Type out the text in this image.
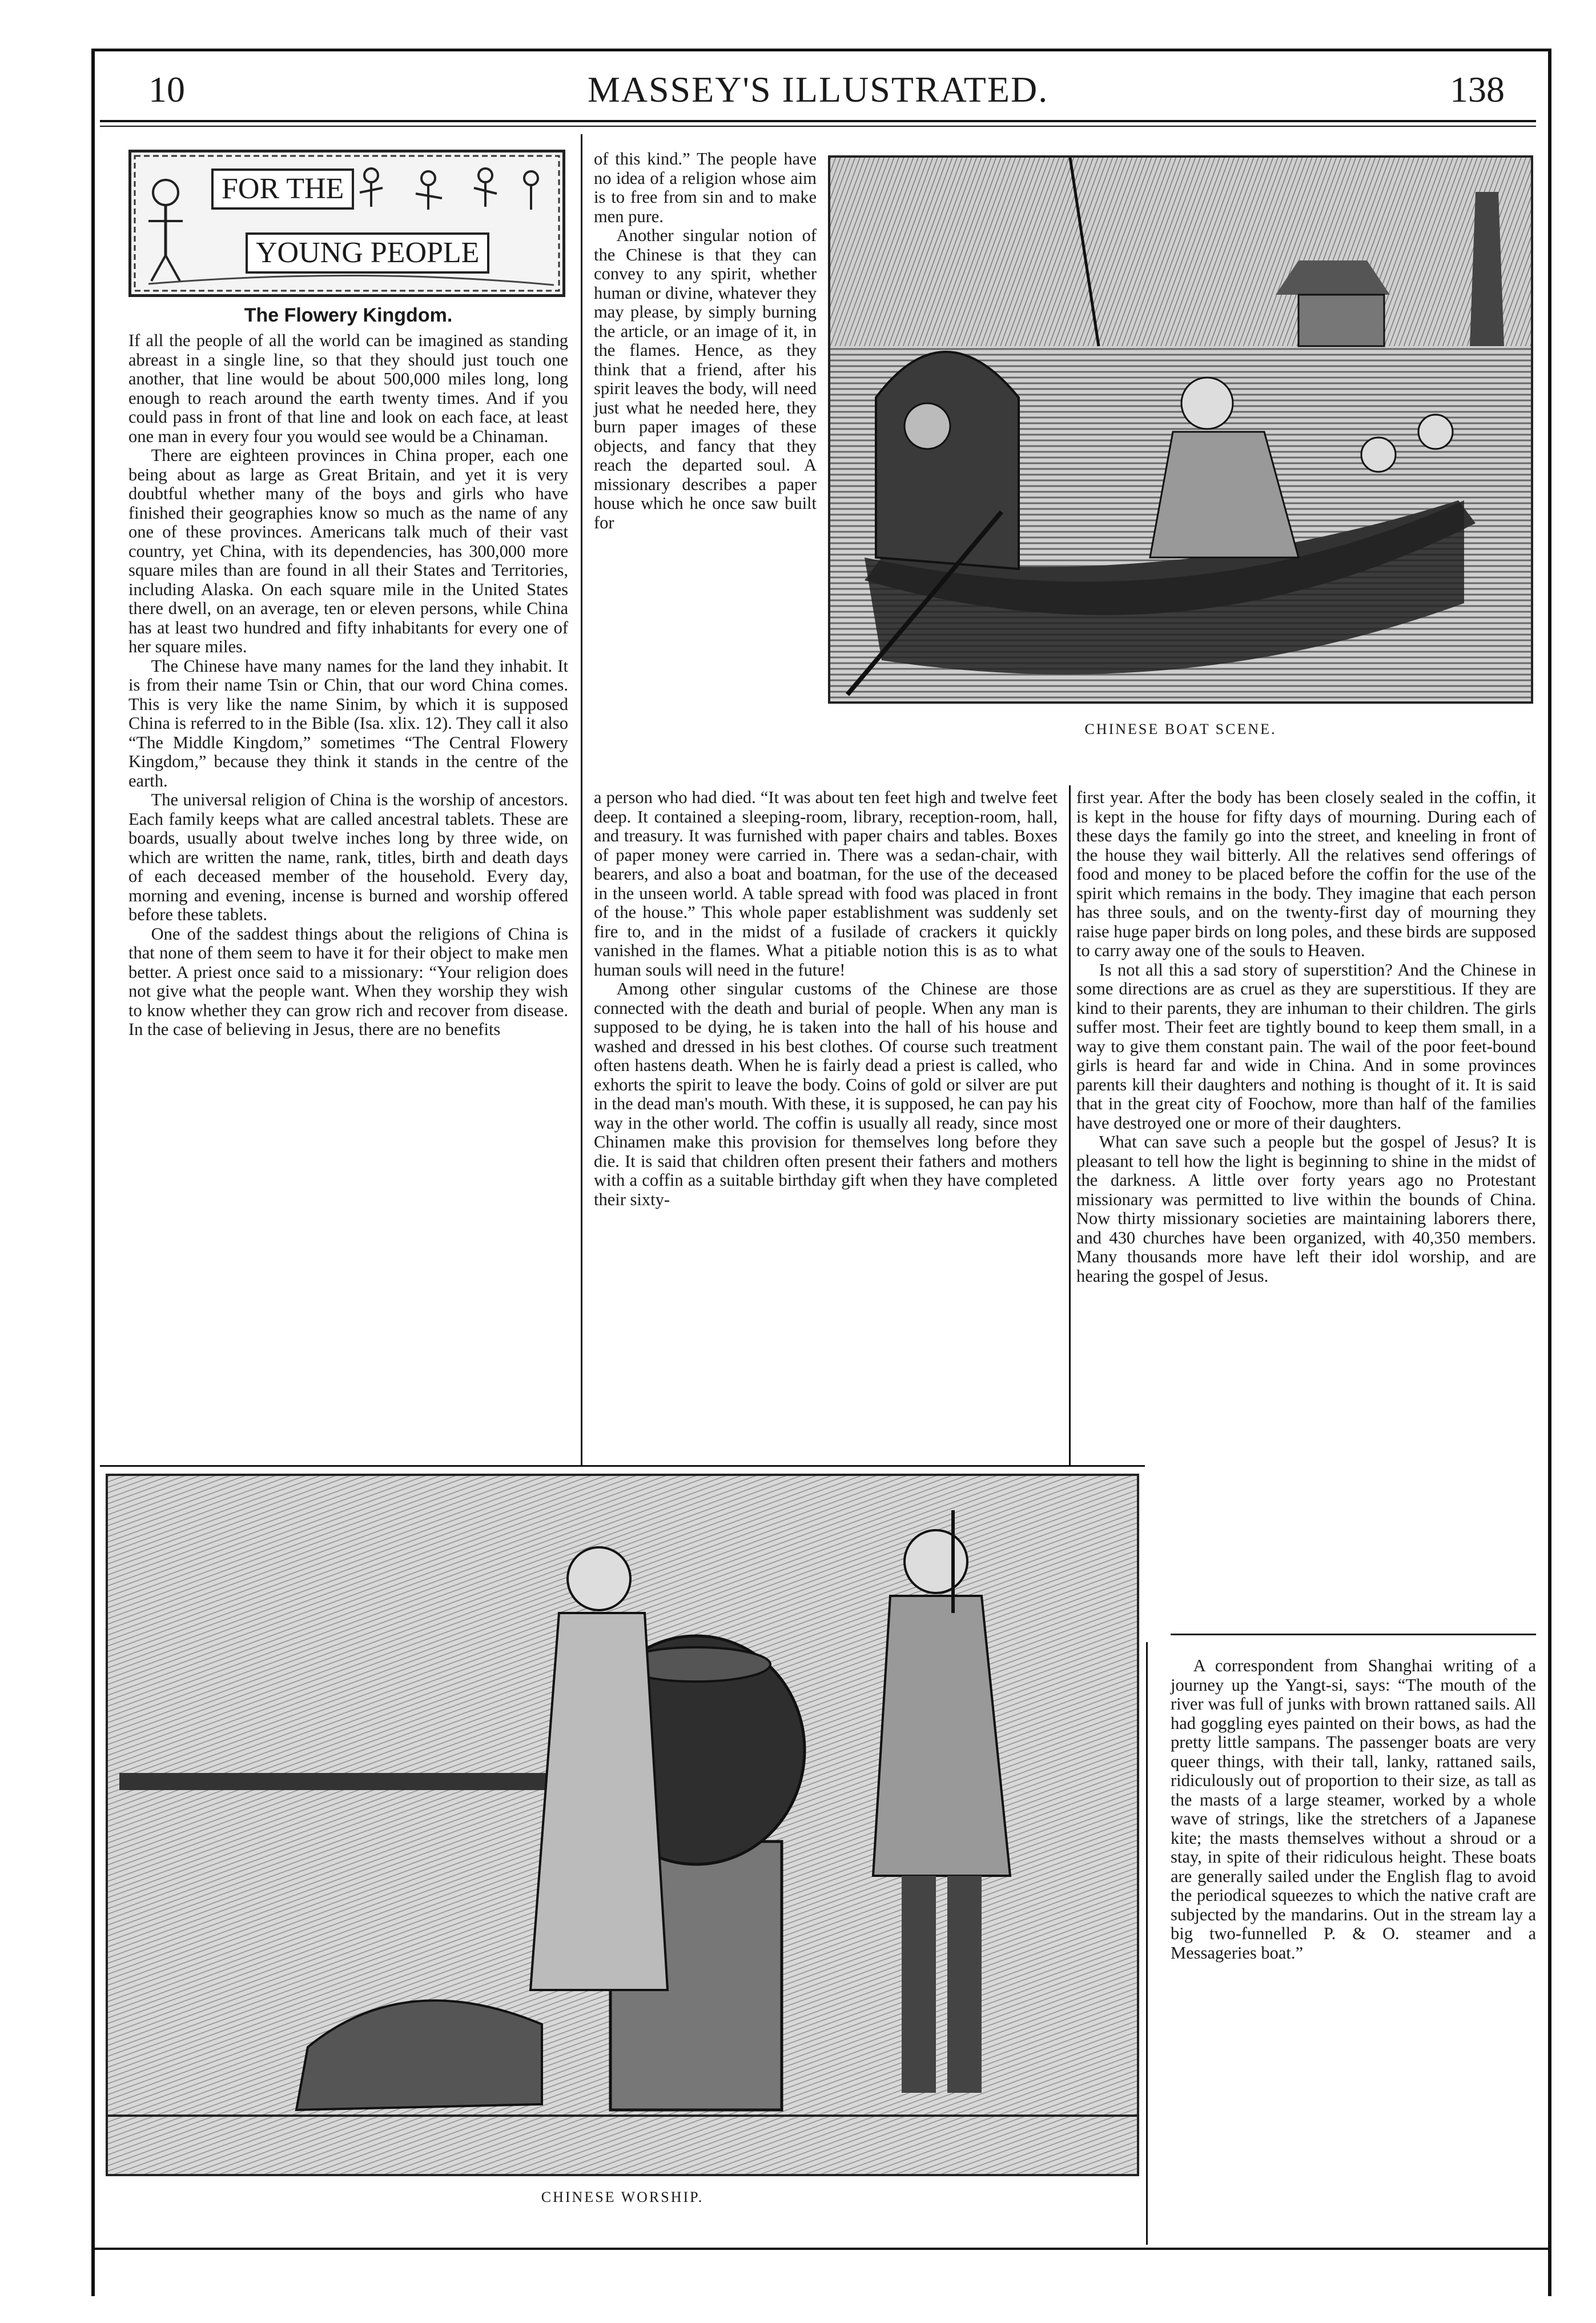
10	MASSEY'S ILLUSTRATED.	138
FOR THE
YOUNG PEOPLE
The Flowery Kingdom.

If all the people of all the world can be imagined as standing abreast in a single line, so that they should just touch one another, that line would be about 500,000 miles long, long enough to reach around the earth twenty times. And if you could pass in front of that line and look on each face, at least one man in every four you would see would be a Chinaman.

There are eighteen provinces in China proper, each one being about as large as Great Britain, and yet it is very doubtful whether many of the boys and girls who have finished their geographies know so much as the name of any one of these provinces. Americans talk much of their vast country, yet China, with its dependencies, has 300,000 more square miles than are found in all their States and Territories, including Alaska. On each square mile in the United States there dwell, on an average, ten or eleven persons, while China has at least two hundred and fifty inhabitants for every one of her square miles.

The Chinese have many names for the land they inhabit. It is from their name Tsin or Chin, that our word China comes. This is very like the name Sinim, by which it is supposed China is referred to in the Bible (Isa. xlix. 12). They call it also “The Middle Kingdom,” sometimes “The Central Flowery Kingdom,” because they think it stands in the centre of the earth.

The universal religion of China is the worship of ancestors. Each family keeps what are called ancestral tablets. These are boards, usually about twelve inches long by three wide, on which are written the name, rank, titles, birth and death days of each deceased member of the household. Every day, morning and evening, incense is burned and worship offered before these tablets.

One of the saddest things about the religions of China is that none of them seem to have it for their object to make men better. A priest once said to a missionary: “Your religion does not give what the people want. When they worship they wish to know whether they can grow rich and recover from disease. In the case of believing in Jesus, there are no benefits

of this kind.” The people have no idea of a religion whose aim is to free from sin and to make men pure.

Another singular notion of the Chinese is that they can convey to any spirit, whether human or divine, whatever they may please, by simply burning the article, or an image of it, in the flames. Hence, as they think that a friend, after his spirit leaves the body, will need just what he needed here, they burn paper images of these objects, and fancy that they reach the departed soul. A missionary describes a paper house which he once saw built for

CHINESE BOAT SCENE.

a person who had died. “It was about ten feet high and twelve feet deep. It contained a sleeping-room, library, reception-room, hall, and treasury. It was furnished with paper chairs and tables. Boxes of paper money were carried in. There was a sedan-chair, with bearers, and also a boat and boatman, for the use of the deceased in the unseen world. A table spread with food was placed in front of the house.” This whole paper establishment was suddenly set fire to, and in the midst of a fusilade of crackers it quickly vanished in the flames. What a pitiable notion this is as to what human souls will need in the future!

Among other singular customs of the Chinese are those connected with the death and burial of people. When any man is supposed to be dying, he is taken into the hall of his house and washed and dressed in his best clothes. Of course such treatment often hastens death. When he is fairly dead a priest is called, who exhorts the spirit to leave the body. Coins of gold or silver are put in the dead man's mouth. With these, it is supposed, he can pay his way in the other world. The coffin is usually all ready, since most Chinamen make this provision for themselves long before they die. It is said that children often present their fathers and mothers with a coffin as a suitable birthday gift when they have completed their sixty-

first year. After the body has been closely sealed in the coffin, it is kept in the house for fifty days of mourning. During each of these days the family go into the street, and kneeling in front of the house they wail bitterly. All the relatives send offerings of food and money to be placed before the coffin for the use of the spirit which remains in the body. They imagine that each person has three souls, and on the twenty-first day of mourning they raise huge paper birds on long poles, and these birds are supposed to carry away one of the souls to Heaven.

Is not all this a sad story of superstition? And the Chinese in some directions are as cruel as they are superstitious. If they are kind to their parents, they are inhuman to their children. The girls suffer most. Their feet are tightly bound to keep them small, in a way to give them constant pain. The wail of the poor feet-bound girls is heard far and wide in China. And in some provinces parents kill their daughters and nothing is thought of it. It is said that in the great city of Foochow, more than half of the families have destroyed one or more of their daughters.

What can save such a people but the gospel of Jesus? It is pleasant to tell how the light is beginning to shine in the midst of the darkness. A little over forty years ago no Protestant missionary was permitted to live within the bounds of China. Now thirty missionary societies are maintaining laborers there, and 430 churches have been organized, with 40,350 members. Many thousands more have left their idol worship, and are hearing the gospel of Jesus.

CHINESE WORSHIP.

A correspondent from Shanghai writing of a journey up the Yangt-si, says: “The mouth of the river was full of junks with brown rattaned sails. All had goggling eyes painted on their bows, as had the pretty little sampans. The passenger boats are very queer things, with their tall, lanky, rattaned sails, ridiculously out of proportion to their size, as tall as the masts of a large steamer, worked by a whole wave of strings, like the stretchers of a Japanese kite; the masts themselves without a shroud or a stay, in spite of their ridiculous height. These boats are generally sailed under the English flag to avoid the periodical squeezes to which the native craft are subjected by the mandarins. Out in the stream lay a big two-funnelled P. & O. steamer and a Messageries boat.”
